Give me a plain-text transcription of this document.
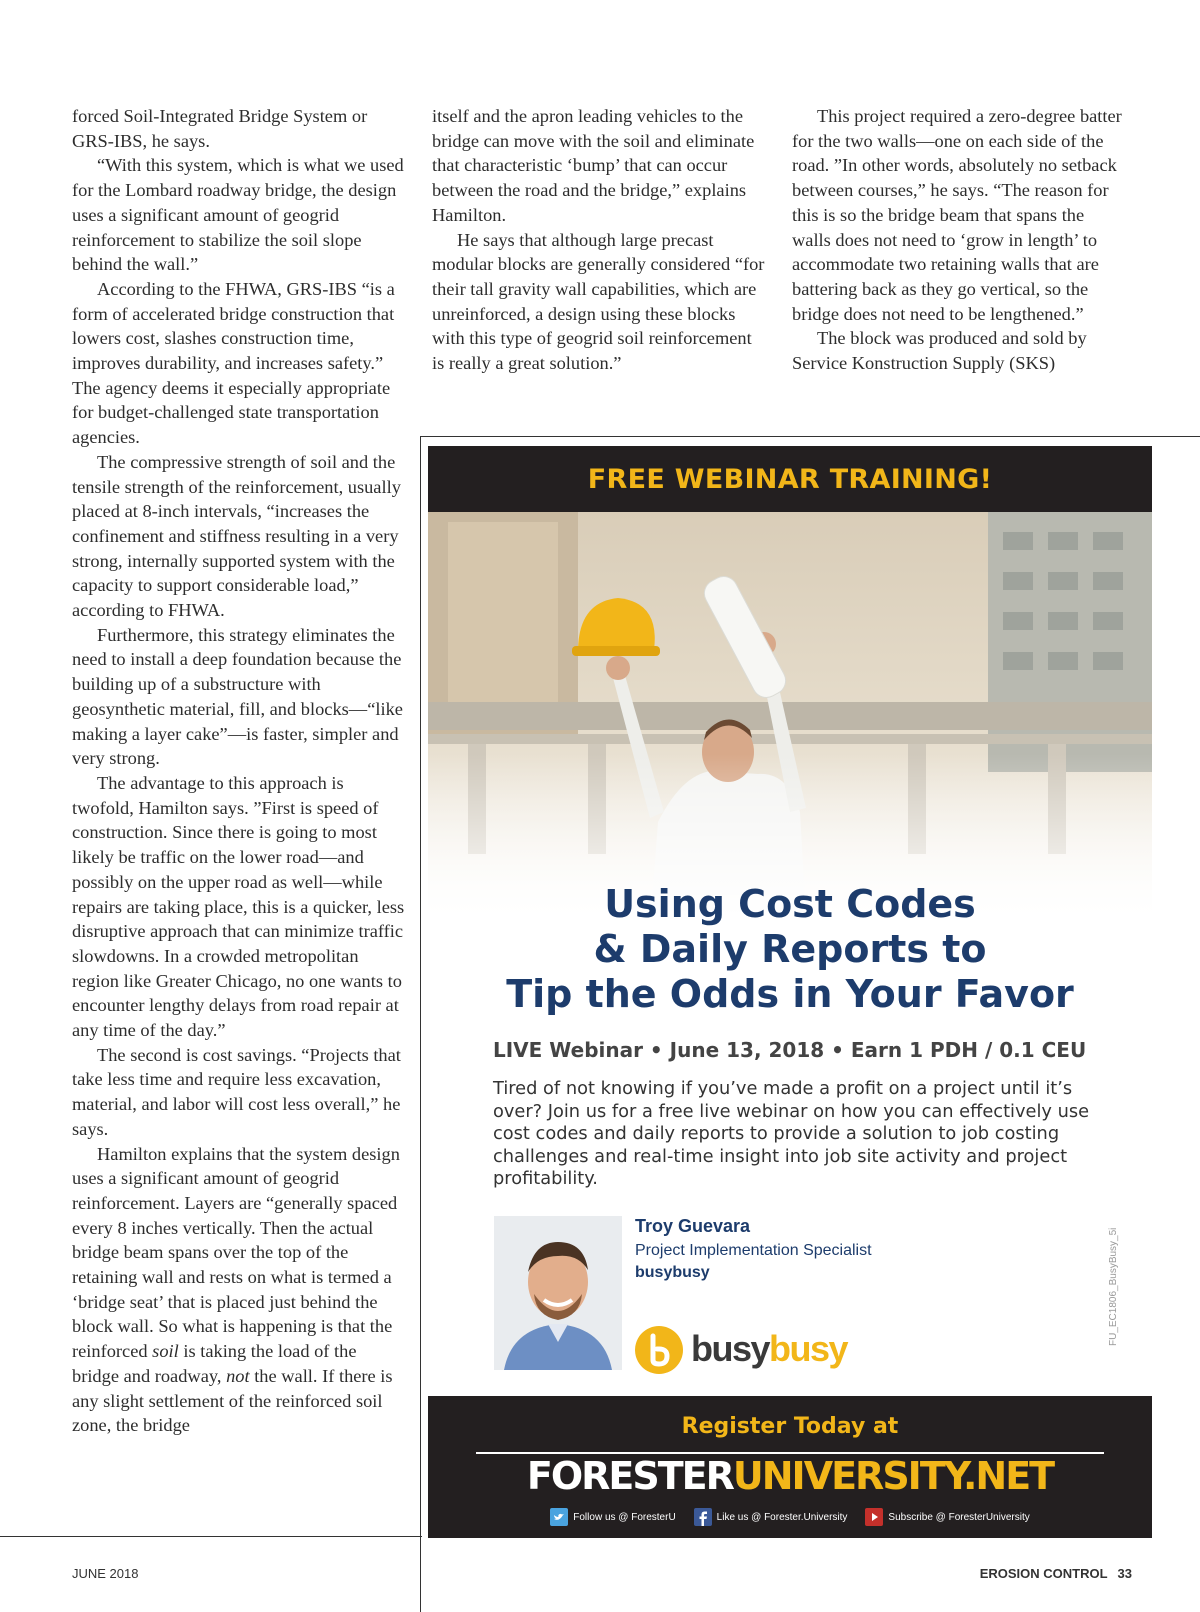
forced Soil-Integrated Bridge System or GRS-IBS, he says.

“With this system, which is what we used for the Lombard roadway bridge, the design uses a significant amount of geogrid reinforcement to stabilize the soil slope behind the wall.”

According to the FHWA, GRS-IBS “is a form of accelerated bridge construction that lowers cost, slashes construction time, improves durability, and increases safety.” The agency deems it especially appropriate for budget-challenged state transportation agencies.

The compressive strength of soil and the tensile strength of the reinforcement, usually placed at 8-inch intervals, “increases the confinement and stiffness resulting in a very strong, internally supported system with the capacity to support considerable load,” according to FHWA.

Furthermore, this strategy eliminates the need to install a deep foundation because the building up of a substructure with geosynthetic material, fill, and blocks—“like making a layer cake”—is faster, simpler and very strong.

The advantage to this approach is twofold, Hamilton says. ”First is speed of construction. Since there is going to most likely be traffic on the lower road—and possibly on the upper road as well—while repairs are taking place, this is a quicker, less disruptive approach that can minimize traffic slowdowns. In a crowded metropolitan region like Greater Chicago, no one wants to encounter lengthy delays from road repair at any time of the day.”

The second is cost savings. “Projects that take less time and require less excavation, material, and labor will cost less overall,” he says.

Hamilton explains that the system design uses a significant amount of geogrid reinforcement. Layers are “generally spaced every 8 inches vertically. Then the actual bridge beam spans over the top of the retaining wall and rests on what is termed a ‘bridge seat’ that is placed just behind the block wall. So what is happening is that the reinforced soil is taking the load of the bridge and roadway, not the wall. If there is any slight settlement of the reinforced soil zone, the bridge

itself and the apron leading vehicles to the bridge can move with the soil and eliminate that characteristic ‘bump’ that can occur between the road and the bridge,” explains Hamilton.

He says that although large precast modular blocks are generally considered “for their tall gravity wall capabilities, which are unreinforced, a design using these blocks with this type of geogrid soil reinforcement is really a great solution.”

This project required a zero-degree batter for the two walls—one on each side of the road. ”In other words, absolutely no setback between courses,” he says. “The reason for this is so the bridge beam that spans the walls does not need to ‘grow in length’ to accommodate two retaining walls that are battering back as they go vertical, so the bridge does not need to be lengthened.”

The block was produced and sold by Service Konstruction Supply (SKS)

FREE WEBINAR TRAINING!
Using Cost Codes
& Daily Reports to
Tip the Odds in Your Favor
LIVE Webinar • June 13, 2018 • Earn 1 PDH / 0.1 CEU
Tired of not knowing if you’ve made a profit on a project until it’s over? Join us for a free live webinar on how you can effectively use cost codes and daily reports to provide a solution to job costing challenges and real-time insight into job site activity and project profitability.
Troy Guevara
Project Implementation Specialist
busybusy
busybusy
FU_EC1806_BusyBusy_5i
Register Today at
FORESTERUNIVERSITY.NET
Follow us @ ForesterU	Like us @ Forester.University	Subscribe @ ForesterUniversity
JUNE 2018	EROSION CONTROL 33
